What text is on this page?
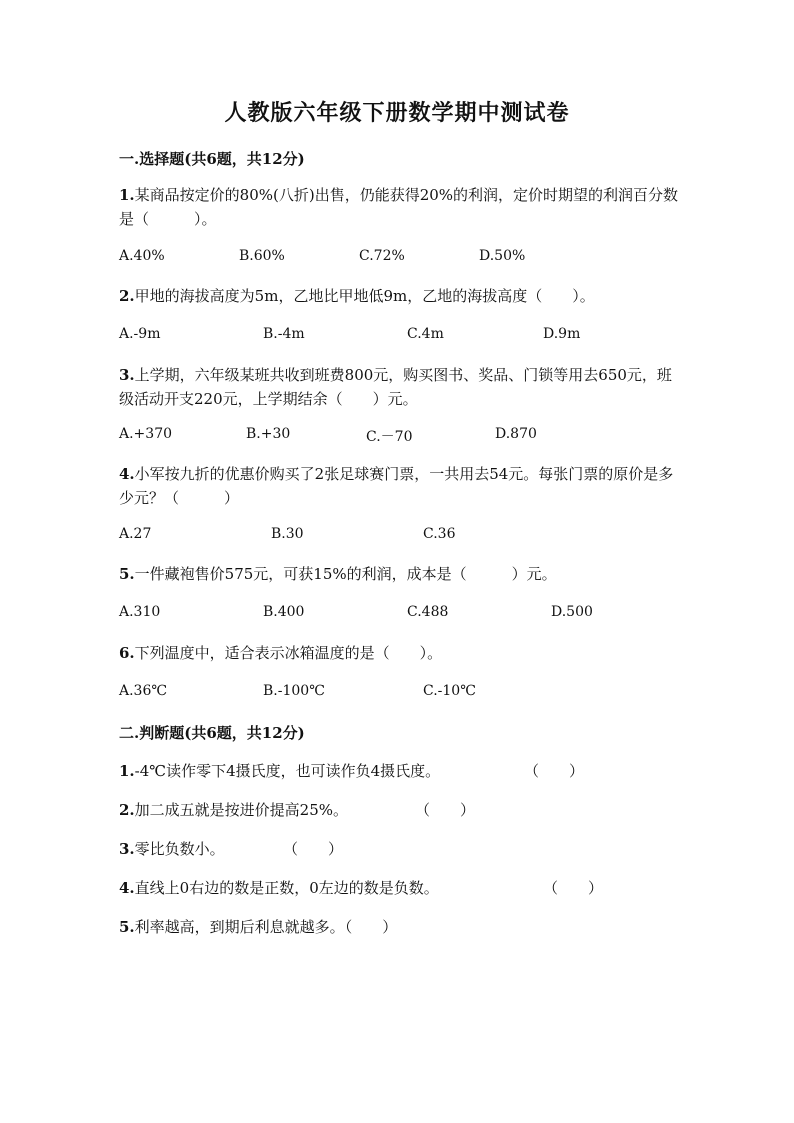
人教版六年级下册数学期中测试卷
一.选择题(共6题，共12分)
1.某商品按定价的80%(八折)出售，仍能获得20%的利润，定价时期望的利润百分数是（　　　）。
A.40%	B.60%	C.72%	D.50%
2.甲地的海拔高度为5m，乙地比甲地低9m，乙地的海拔高度（　　）。
A.-9m	B.-4m	C.4m	D.9m
3.上学期，六年级某班共收到班费800元，购买图书、奖品、门锁等用去650元，班级活动开支220元，上学期结余（　　）元。
A.+370	B.+30	C.－70	D.870
4.小军按九折的优惠价购买了2张足球赛门票，一共用去54元。每张门票的原价是多少元？（　　　）
A.27	B.30	C.36
5.一件藏袍售价575元，可获15%的利润，成本是（　　　）元。
A.310	B.400	C.488	D.500
6.下列温度中，适合表示冰箱温度的是（　　）。
A.36℃	B.-100℃	C.-10℃
二.判断题(共6题，共12分)
1.-4℃读作零下4摄氏度，也可读作负4摄氏度。	（　　）
2.加二成五就是按进价提高25%。	（　　）
3.零比负数小。	（　　）
4.直线上0右边的数是正数，0左边的数是负数。	（　　）
5.利率越高，到期后利息就越多。（　　）
